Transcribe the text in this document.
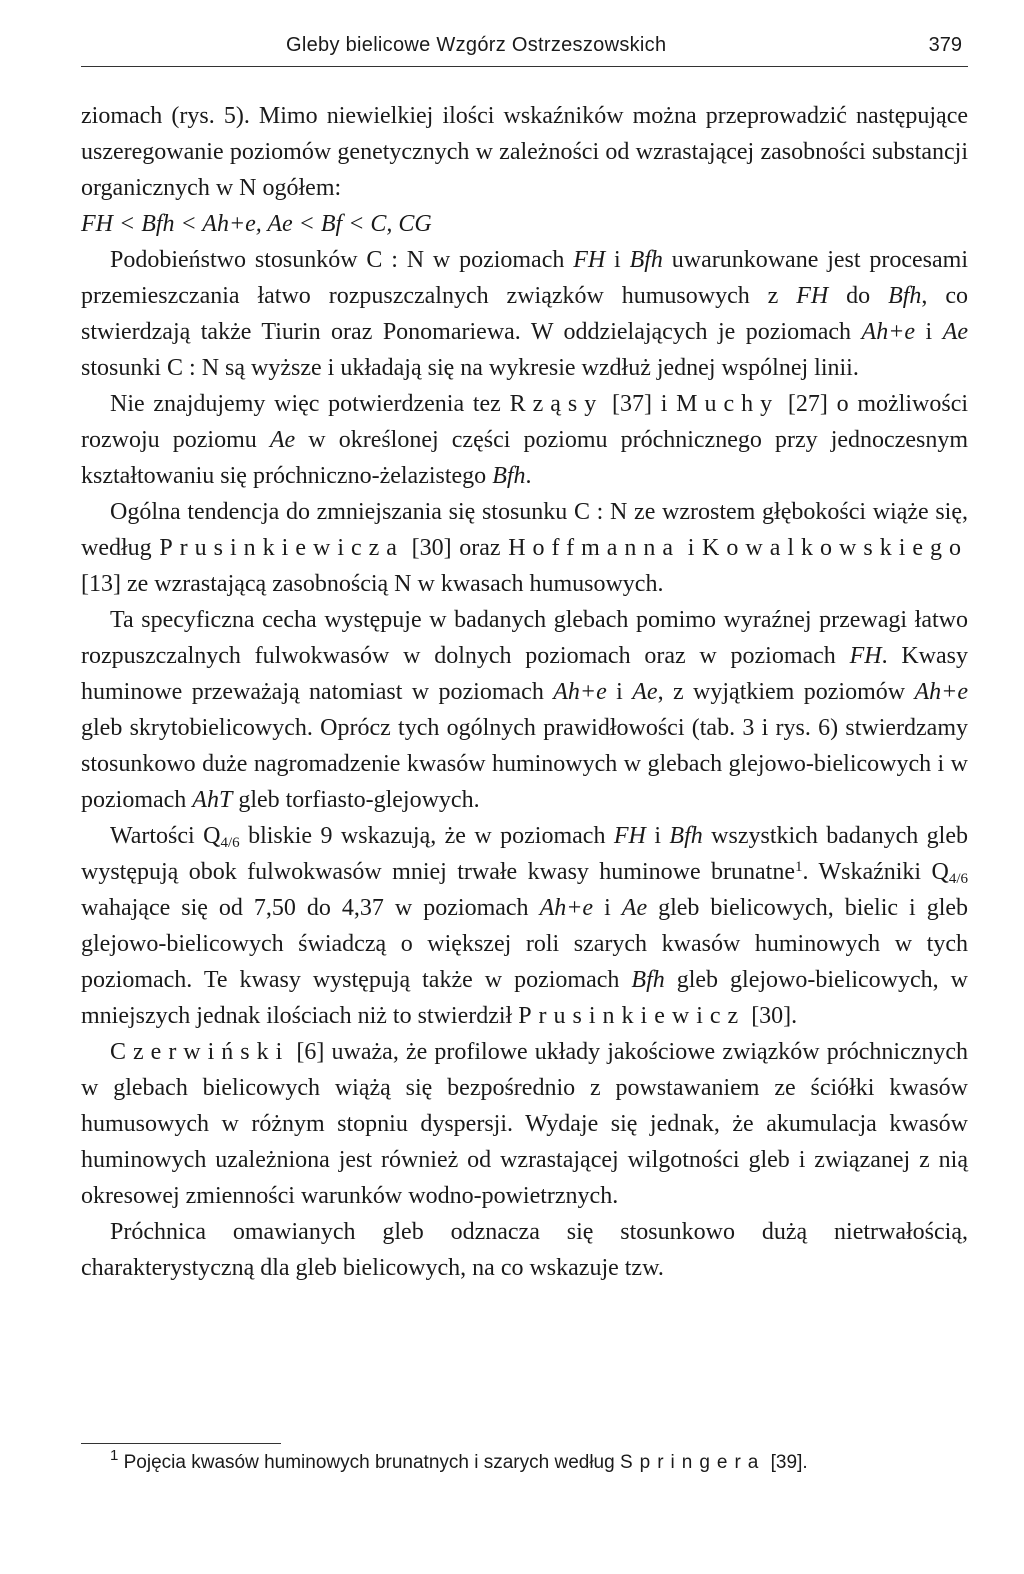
Gleby bielicowe Wzgórz Ostrzeszowskich	379

ziomach (rys. 5). Mimo niewielkiej ilości wskaźników można przeprowadzić następujące uszeregowanie poziomów genetycznych w zależności od wzrastającej zasobności substancji organicznych w N ogółem:

FH < Bfh < Ah+e, Ae < Bf < C, CG

Podobieństwo stosunków C : N w poziomach FH i Bfh uwarunkowane jest procesami przemieszczania łatwo rozpuszczalnych związków humusowych z FH do Bfh, co stwierdzają także Tiurin oraz Ponomariewa. W oddzielających je poziomach Ah+e i Ae stosunki C : N są wyższe i układają się na wykresie wzdłuż jednej wspólnej linii.

Nie znajdujemy więc potwierdzenia tez Rząsy [37] i Muchy [27] o możliwości rozwoju poziomu Ae w określonej części poziomu próchnicznego przy jednoczesnym kształtowaniu się próchniczno-żelazistego Bfh.

Ogólna tendencja do zmniejszania się stosunku C : N ze wzrostem głębokości wiąże się, według Prusinkiewicza [30] oraz Hoffmanna i Kowalkowskiego [13] ze wzrastającą zasobnością N w kwasach humusowych.

Ta specyficzna cecha występuje w badanych glebach pomimo wyraźnej przewagi łatwo rozpuszczalnych fulwokwasów w dolnych poziomach oraz w poziomach FH. Kwasy huminowe przeważają natomiast w poziomach Ah+e i Ae, z wyjątkiem poziomów Ah+e gleb skrytobielicowych. Oprócz tych ogólnych prawidłowości (tab. 3 i rys. 6) stwierdzamy stosunkowo duże nagromadzenie kwasów huminowych w glebach glejowo-bielicowych i w poziomach AhT gleb torfiasto-glejowych.

Wartości $Q_{4/6}$ bliskie 9 wskazują, że w poziomach FH i Bfh wszystkich badanych gleb występują obok fulwokwasów mniej trwałe kwasy huminowe brunatne$^1$. Wskaźniki $Q_{4/6}$ wahające się od 7,50 do 4,37 w poziomach Ah+e i Ae gleb bielicowych, bielic i gleb glejowo-bielicowych świadczą o większej roli szarych kwasów huminowych w tych poziomach. Te kwasy występują także w poziomach Bfh gleb glejowo-bielicowych, w mniejszych jednak ilościach niż to stwierdził Prusinkiewicz [30].

Czerwiński [6] uważa, że profilowe układy jakościowe związków próchnicznych w glebach bielicowych wiążą się bezpośrednio z powstawaniem ze ściółki kwasów humusowych w różnym stopniu dyspersji. Wydaje się jednak, że akumulacja kwasów huminowych uzależniona jest również od wzrastającej wilgotności gleb i związanej z nią okresowej zmienności warunków wodno-powietrznych.

Próchnica omawianych gleb odznacza się stosunkowo dużą nietrwałością, charakterystyczną dla gleb bielicowych, na co wskazuje tzw.

$^1$ Pojęcia kwasów huminowych brunatnych i szarych według Springera [39].
